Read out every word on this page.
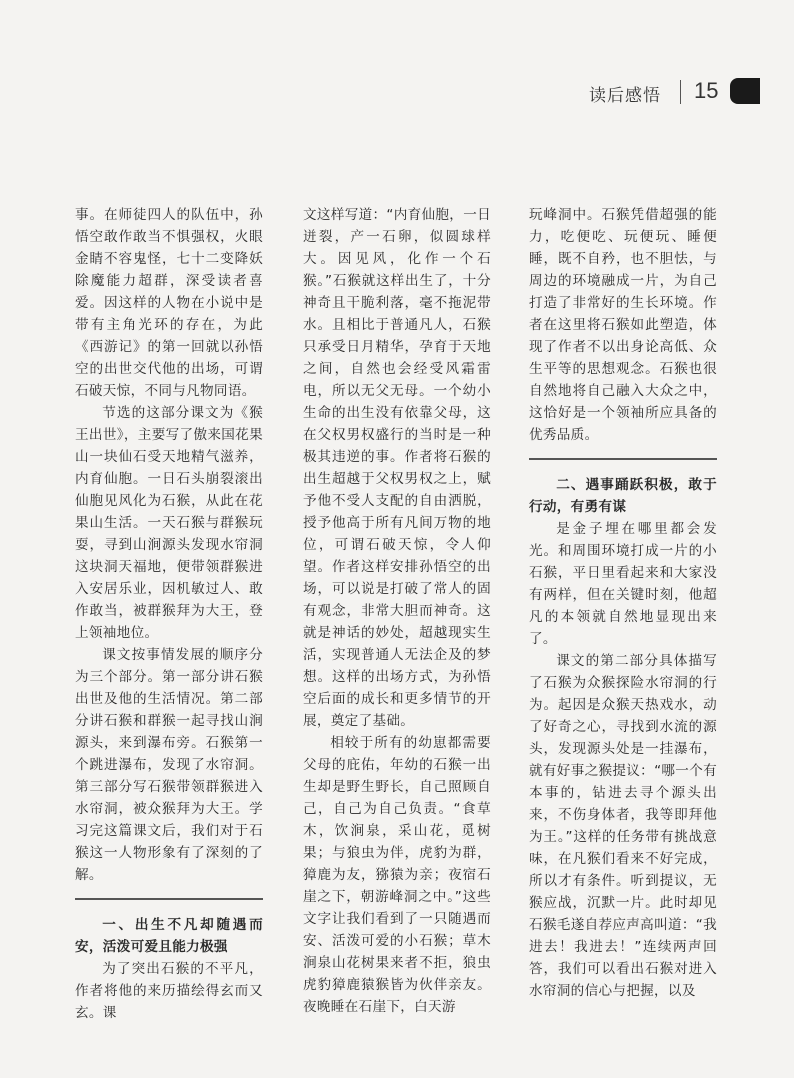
读后感悟 15

事。在师徒四人的队伍中，孙悟空敢作敢当不惧强权，火眼金睛不容鬼怪，七十二变降妖除魔能力超群，深受读者喜爱。因这样的人物在小说中是带有主角光环的存在，为此《西游记》的第一回就以孙悟空的出世交代他的出场，可谓石破天惊，不同与凡物同语。

节选的这部分课文为《猴王出世》，主要写了傲来国花果山一块仙石受天地精气滋养，内育仙胞。一日石头崩裂滚出仙胞见风化为石猴，从此在花果山生活。一天石猴与群猴玩耍，寻到山涧源头发现水帘洞这块洞天福地，便带领群猴进入安居乐业，因机敏过人、敢作敢当，被群猴拜为大王，登上领袖地位。

课文按事情发展的顺序分为三个部分。第一部分讲石猴出世及他的生活情况。第二部分讲石猴和群猴一起寻找山涧源头，来到瀑布旁。石猴第一个跳进瀑布，发现了水帘洞。第三部分写石猴带领群猴进入水帘洞，被众猴拜为大王。学习完这篇课文后，我们对于石猴这一人物形象有了深刻的了解。

一、出生不凡却随遇而安，活泼可爱且能力极强

为了突出石猴的不平凡，作者将他的来历描绘得玄而又玄。课

文这样写道：“内育仙胞，一日迸裂，产一石卵，似圆球样大。因见风，化作一个石猴。”石猴就这样出生了，十分神奇且干脆利落，毫不拖泥带水。且相比于普通凡人，石猴只承受日月精华，孕育于天地之间，自然也会经受风霜雷电，所以无父无母。一个幼小生命的出生没有依靠父母，这在父权男权盛行的当时是一种极其违逆的事。作者将石猴的出生超越于父权男权之上，赋予他不受人支配的自由洒脱，授予他高于所有凡间万物的地位，可谓石破天惊，令人仰望。作者这样安排孙悟空的出场，可以说是打破了常人的固有观念，非常大胆而神奇。这就是神话的妙处，超越现实生活，实现普通人无法企及的梦想。这样的出场方式，为孙悟空后面的成长和更多情节的开展，奠定了基础。

相较于所有的幼崽都需要父母的庇佑，年幼的石猴一出生却是野生野长，自己照顾自己，自己为自己负责。“食草木，饮涧泉，采山花，觅树果；与狼虫为伴，虎豹为群，獐鹿为友，猕猿为亲；夜宿石崖之下，朝游峰洞之中。”这些文字让我们看到了一只随遇而安、活泼可爱的小石猴；草木涧泉山花树果来者不拒，狼虫虎豹獐鹿猿猴皆为伙伴亲友。夜晚睡在石崖下，白天游

玩峰洞中。石猴凭借超强的能力，吃便吃、玩便玩、睡便睡，既不自矜，也不胆怯，与周边的环境融成一片，为自己打造了非常好的生长环境。作者在这里将石猴如此塑造，体现了作者不以出身论高低、众生平等的思想观念。石猴也很自然地将自己融入大众之中，这恰好是一个领袖所应具备的优秀品质。

二、遇事踊跃积极，敢于行动，有勇有谋

是金子埋在哪里都会发光。和周围环境打成一片的小石猴，平日里看起来和大家没有两样，但在关键时刻，他超凡的本领就自然地显现出来了。

课文的第二部分具体描写了石猴为众猴探险水帘洞的行为。起因是众猴天热戏水，动了好奇之心，寻找到水流的源头，发现源头处是一挂瀑布，就有好事之猴提议：“哪一个有本事的，钻进去寻个源头出来，不伤身体者，我等即拜他为王。”这样的任务带有挑战意味，在凡猴们看来不好完成，所以才有条件。听到提议，无猴应战，沉默一片。此时却见石猴毛遂自荐应声高叫道：“我进去！我进去！”连续两声回答，我们可以看出石猴对进入水帘洞的信心与把握，以及
